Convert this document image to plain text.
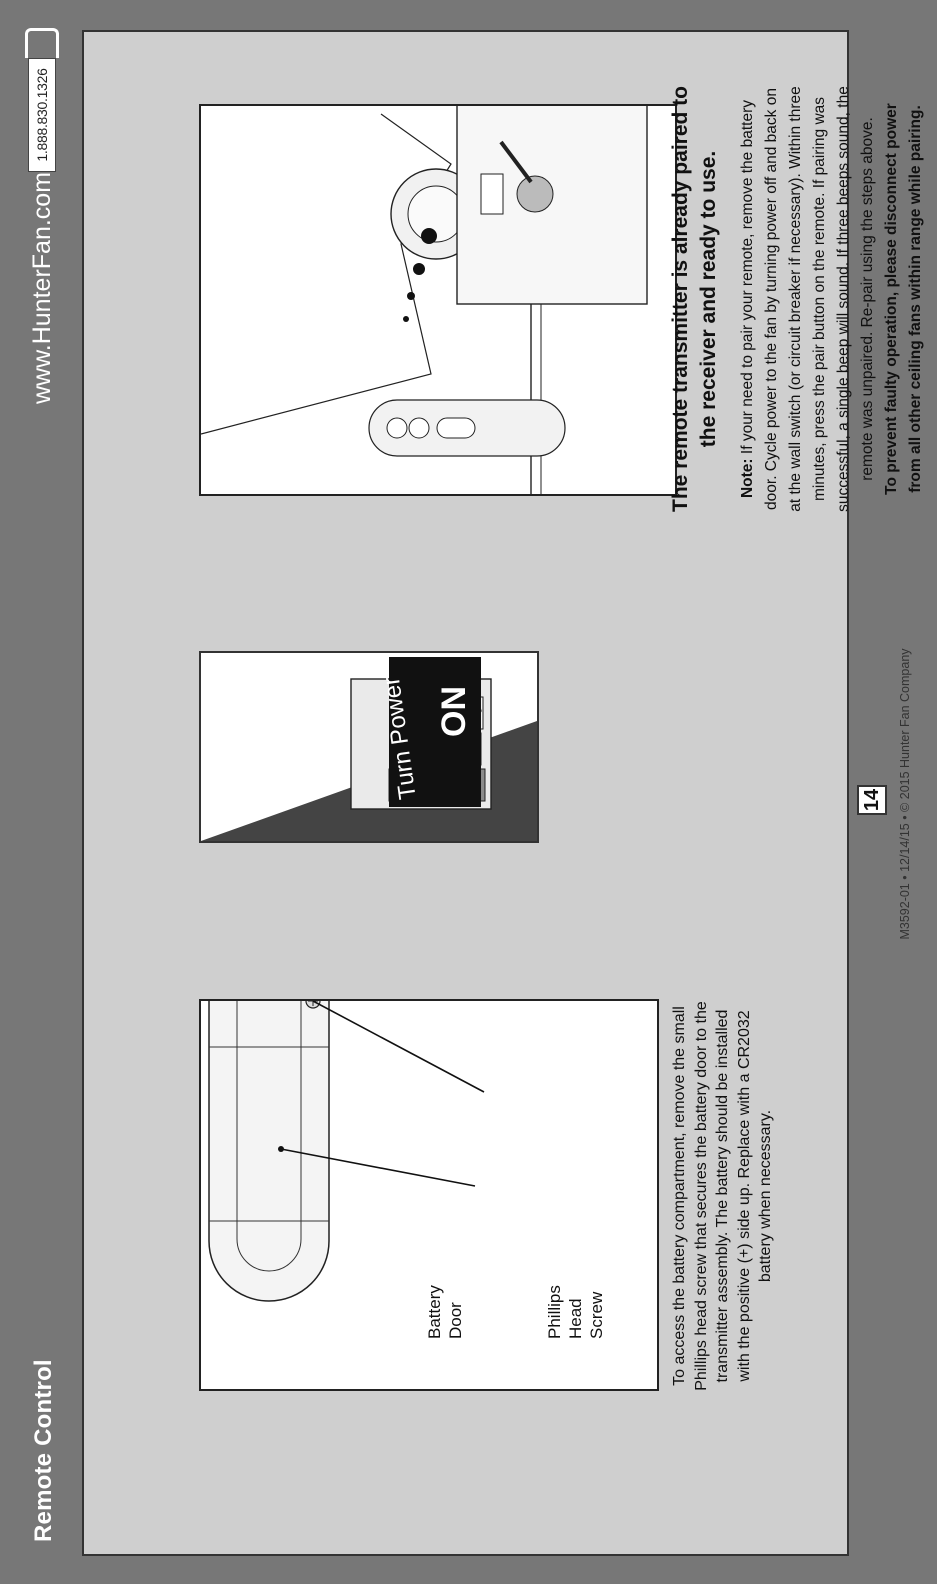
Remote Control
www.HunterFan.com
1.888.830.1326
Battery Door	Phillips Head Screw	To access the battery compartment, remove the small Phillips head screw that secures the battery door to the transmitter assembly. The battery should be installed with the positive (+) side up. Replace with a CR2032 battery when necessary.
Turn Power ON
The remote transmitter is already paired to the receiver and ready to use.
Note: If your need to pair your remote, remove the battery door. Cycle power to the fan by turning power off and back on at the wall switch (or circuit breaker if necessary). Within three minutes, press the pair button on the remote. If pairing was successful, a single beep will sound. If three beeps sound, the remote was unpaired. Re-pair using the steps above. To prevent faulty operation, please disconnect power from all other ceiling fans within range while pairing.
14	M3592-01 • 12/14/15 • © 2015 Hunter Fan Company
